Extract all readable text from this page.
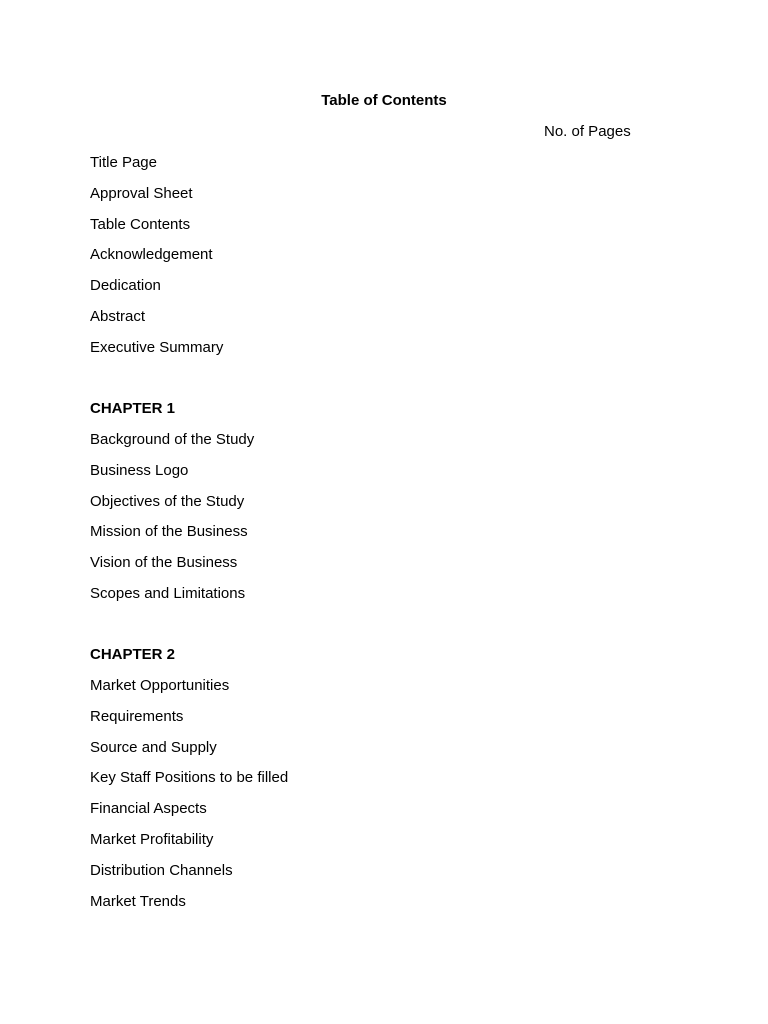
Table of Contents
No. of Pages
Title Page
Approval Sheet
Table Contents
Acknowledgement
Dedication
Abstract
Executive Summary
CHAPTER 1
Background of the Study
Business Logo
Objectives of the Study
Mission of the Business
Vision of the Business
Scopes and Limitations
CHAPTER 2
Market Opportunities
Requirements
Source and Supply
Key Staff Positions to be filled
Financial Aspects
Market Profitability
Distribution Channels
Market Trends
